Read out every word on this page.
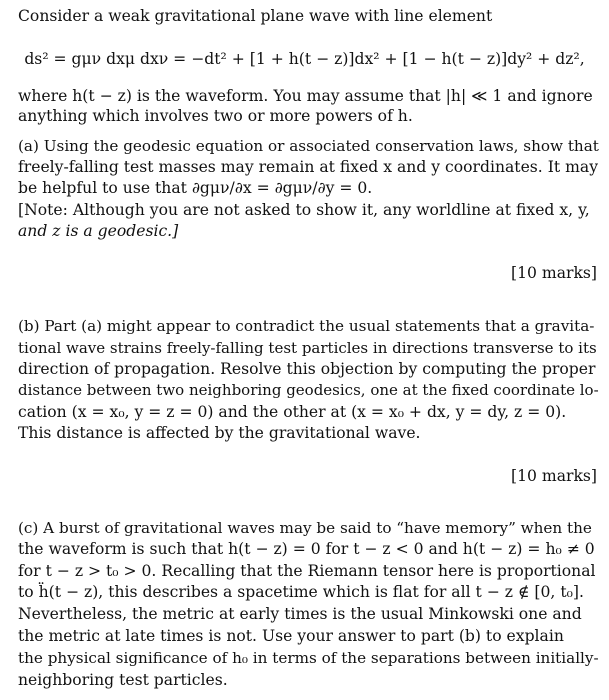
Consider a weak gravitational plane wave with line element
ds² = gμν dxμ dxν = −dt² + [1 + h(t − z)]dx² + [1 − h(t − z)]dy² + dz²,
where h(t − z) is the waveform. You may assume that |h| ≪ 1 and ignore
anything which involves two or more powers of h.
(a) Using the geodesic equation or associated conservation laws, show that
freely-falling test masses may remain at fixed x and y coordinates. It may
be helpful to use that ∂gμν/∂x = ∂gμν/∂y = 0.
[Note: Although you are not asked to show it, any worldline at fixed x, y,
and z is a geodesic.]
[10 marks]
(b) Part (a) might appear to contradict the usual statements that a gravita-
tional wave strains freely-falling test particles in directions transverse to its
direction of propagation. Resolve this objection by computing the proper
distance between two neighboring geodesics, one at the fixed coordinate lo-
cation (x = x₀, y = z = 0) and the other at (x = x₀ + dx, y = dy, z = 0).
This distance is affected by the gravitational wave.
[10 marks]
(c) A burst of gravitational waves may be said to “have memory” when the
the waveform is such that h(t − z) = 0 for t − z < 0 and h(t − z) = h₀ ≠ 0
for t − z > t₀ > 0. Recalling that the Riemann tensor here is proportional
to ḧ(t − z), this describes a spacetime which is flat for all t − z ∉ [0, t₀].
Nevertheless, the metric at early times is the usual Minkowski one and
the metric at late times is not. Use your answer to part (b) to explain
the physical significance of h₀ in terms of the separations between initially-
neighboring test particles.
